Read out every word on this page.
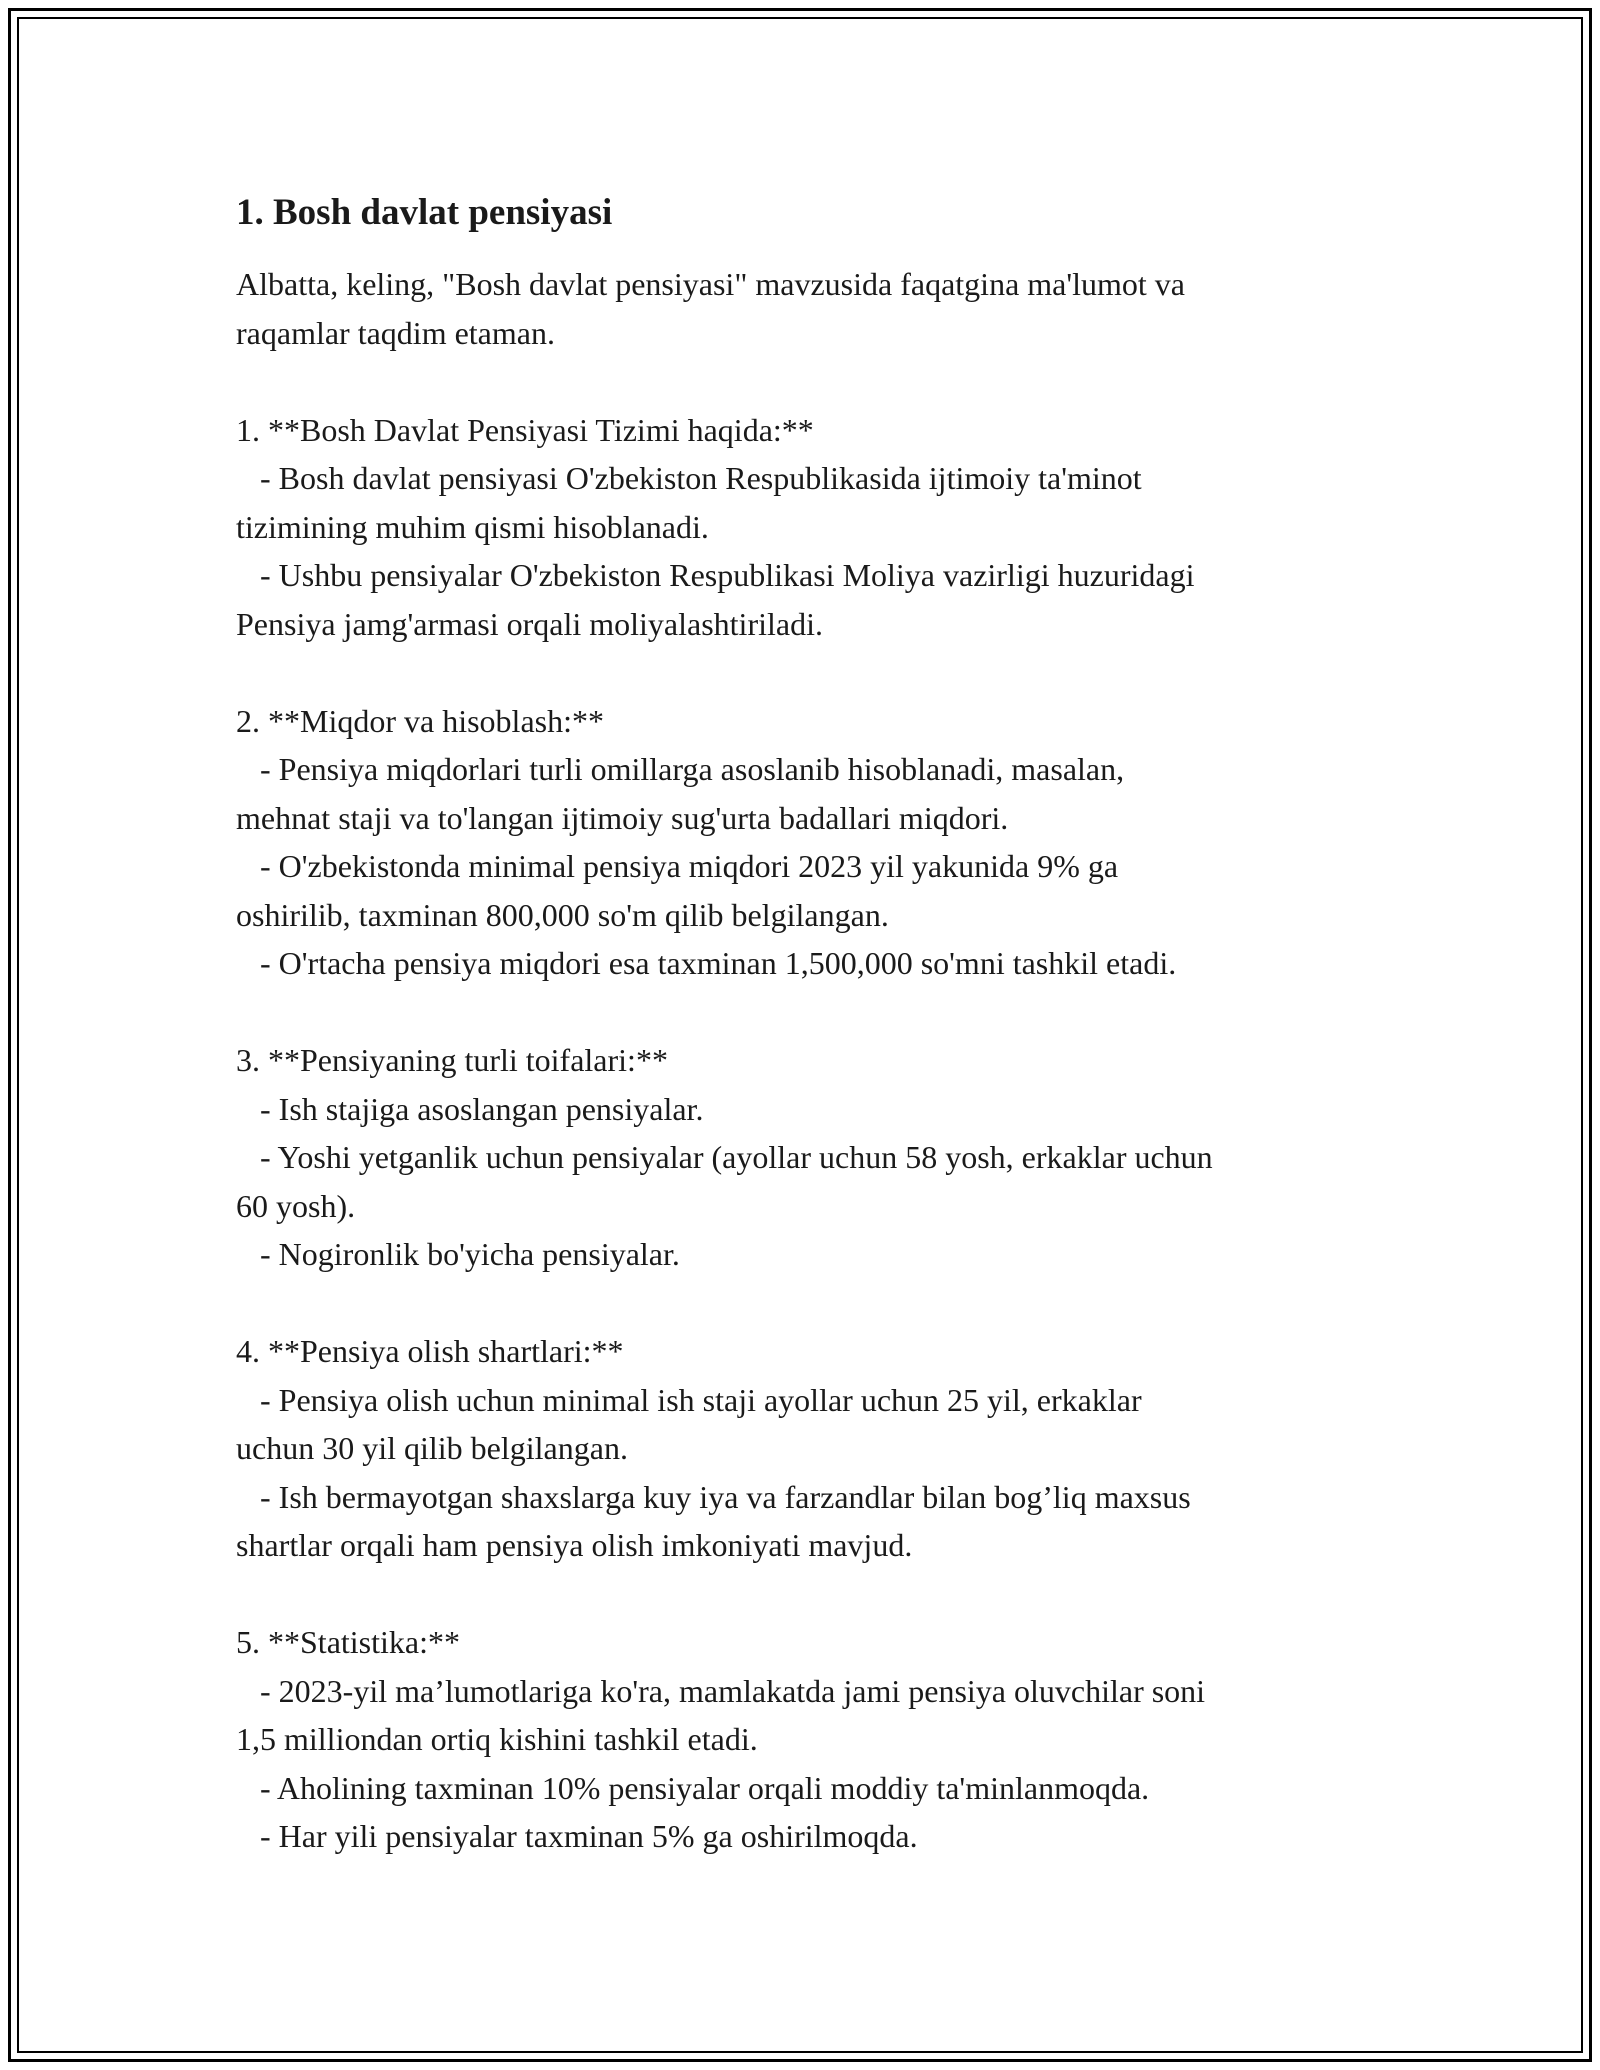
1. Bosh davlat pensiyasi

Albatta, keling, "Bosh davlat pensiyasi" mavzusida faqatgina ma'lumot va

raqamlar taqdim etaman.

1. **Bosh Davlat Pensiyasi Tizimi haqida:**

- Bosh davlat pensiyasi O'zbekiston Respublikasida ijtimoiy ta'minot

tizimining muhim qismi hisoblanadi.

- Ushbu pensiyalar O'zbekiston Respublikasi Moliya vazirligi huzuridagi

Pensiya jamg'armasi orqali moliyalashtiriladi.

2. **Miqdor va hisoblash:**

- Pensiya miqdorlari turli omillarga asoslanib hisoblanadi, masalan,

mehnat staji va to'langan ijtimoiy sug'urta badallari miqdori.

- O'zbekistonda minimal pensiya miqdori 2023 yil yakunida 9% ga

oshirilib, taxminan 800,000 so'm qilib belgilangan.

- O'rtacha pensiya miqdori esa taxminan 1,500,000 so'mni tashkil etadi.

3. **Pensiyaning turli toifalari:**

- Ish stajiga asoslangan pensiyalar.

- Yoshi yetganlik uchun pensiyalar (ayollar uchun 58 yosh, erkaklar uchun

60 yosh).

- Nogironlik bo'yicha pensiyalar.

4. **Pensiya olish shartlari:**

- Pensiya olish uchun minimal ish staji ayollar uchun 25 yil, erkaklar

uchun 30 yil qilib belgilangan.

- Ish bermayotgan shaxslarga kuy iya va farzandlar bilan bog’liq maxsus

shartlar orqali ham pensiya olish imkoniyati mavjud.

5. **Statistika:**

- 2023-yil ma’lumotlariga ko'ra, mamlakatda jami pensiya oluvchilar soni

1,5 milliondan ortiq kishini tashkil etadi.

- Aholining taxminan 10% pensiyalar orqali moddiy ta'minlanmoqda.

- Har yili pensiyalar taxminan 5% ga oshirilmoqda.
